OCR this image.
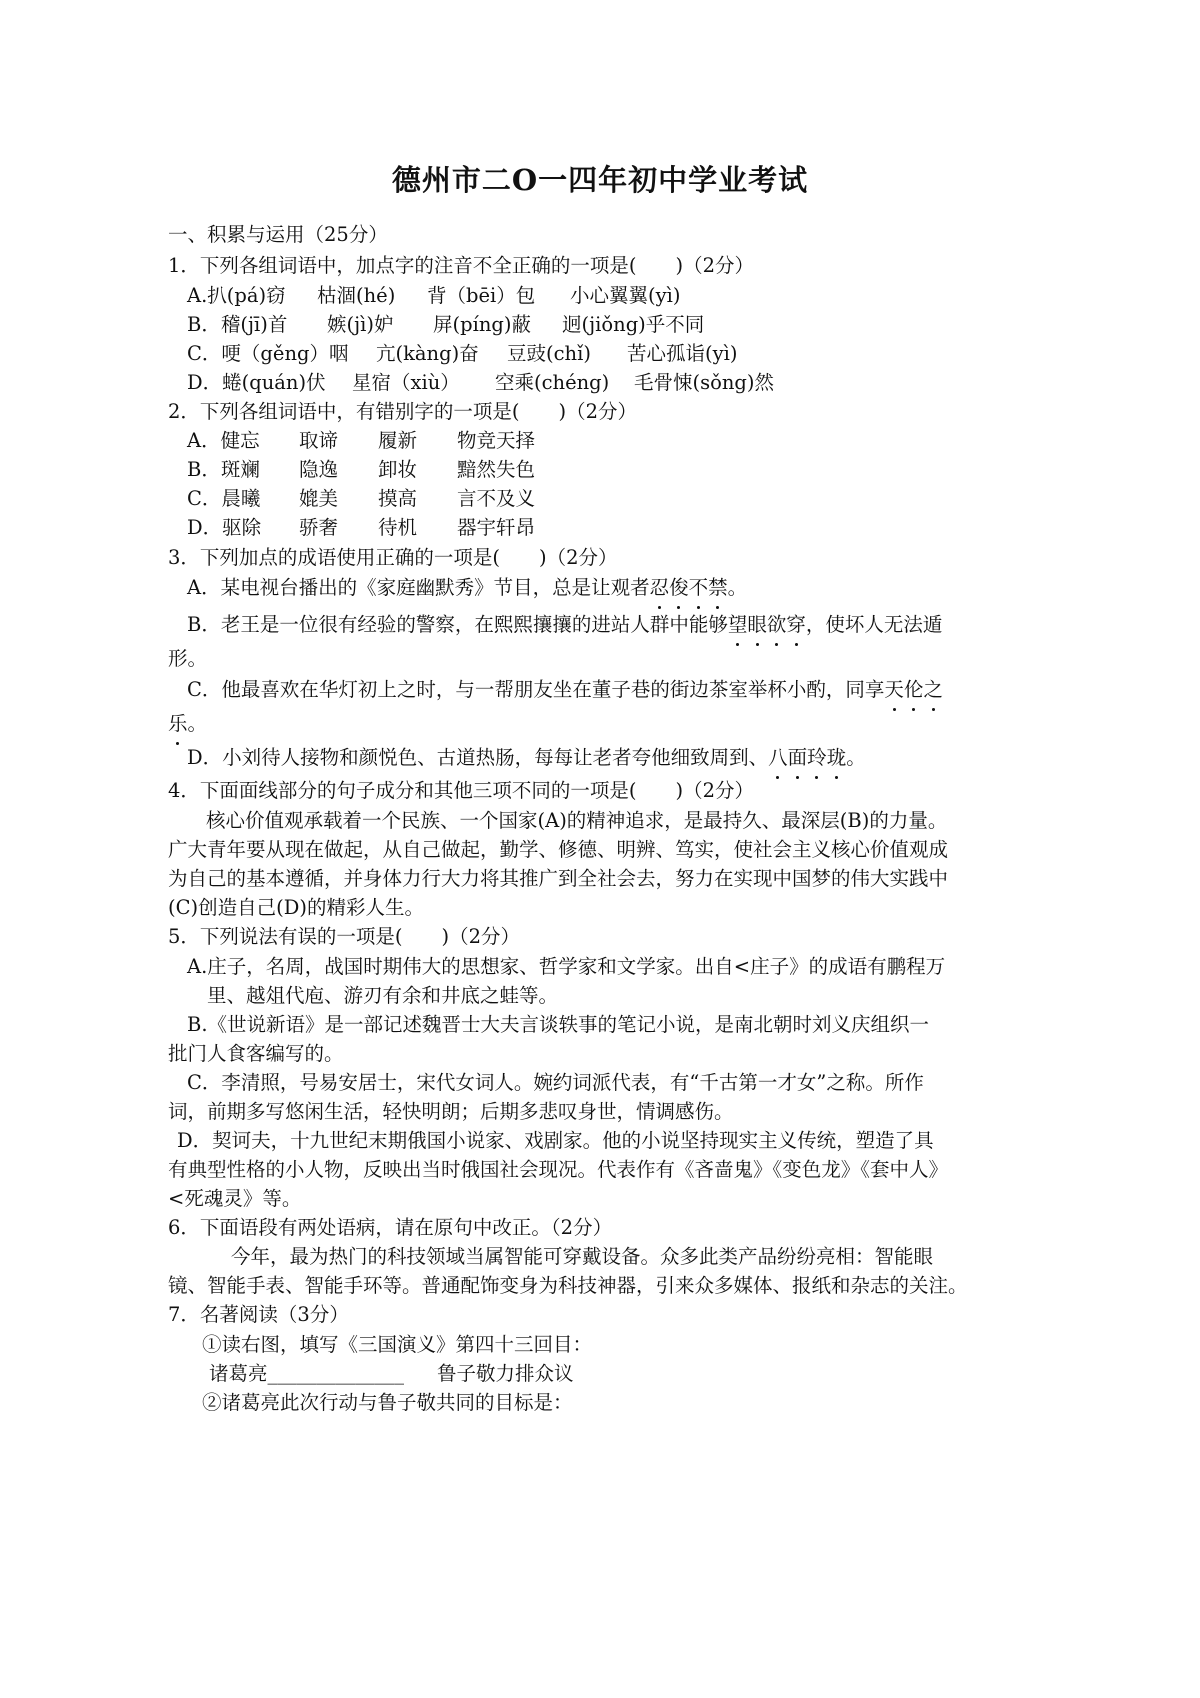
德州市二O一四年初中学业考试
一、积累与运用（25分）
1．下列各组词语中，加点字的注音不全正确的一项是(　　)（2分）
A.扒(pá)窃 枯涸(hé) 背（bēi）包 小心翼翼(yì)
B．稽(jī)首 嫉(jì)妒 屏(píng)蔽 迥(jiǒng)乎不同
C．哽（gěng）咽 亢(kàng)奋 豆豉(chǐ) 苦心孤诣(yì)
D．蜷(quán)伏 星宿（xiù） 空乘(chéng) 毛骨悚(sǒng)然
2．下列各组词语中，有错别字的一项是(　　)（2分）
A．健忘 取谛 履新 物竞天择
B．斑斓 隐逸 卸妆 黯然失色
C．晨曦 媲美 摸高 言不及义
D．驱除 骄奢 待机 器宇轩昂
3．下列加点的成语使用正确的一项是(　　)（2分）
A．某电视台播出的《家庭幽默秀》节目，总是让观者忍俊不禁。
B．老王是一位很有经验的警察，在熙熙攘攘的进站人群中能够望眼欲穿，使坏人无法遁
形。
C．他最喜欢在华灯初上之时，与一帮朋友坐在董子巷的街边茶室举杯小酌，同享天伦之
乐。
D．小刘待人接物和颜悦色、古道热肠，每每让老者夸他细致周到、八面玲珑。
4．下面面线部分的句子成分和其他三项不同的一项是(　　)（2分）
核心价值观承载着一个民族、一个国家(A)的精神追求，是最持久、最深层(B)的力量。
广大青年要从现在做起，从自己做起，勤学、修德、明辨、笃实，使社会主义核心价值观成
为自己的基本遵循，并身体力行大力将其推广到全社会去，努力在实现中国梦的伟大实践中
(C)创造自己(D)的精彩人生。
5．下列说法有误的一项是(　　)（2分）
A.庄子，名周，战国时期伟大的思想家、哲学家和文学家。出自<庄子》的成语有鹏程万
里、越俎代庖、游刃有余和井底之蛙等。
B.《世说新语》是一部记述魏晋士大夫言谈轶事的笔记小说，是南北朝时刘义庆组织一
批门人食客编写的。
C．李清照，号易安居士，宋代女词人。婉约词派代表，有“千古第一才女”之称。所作
词，前期多写悠闲生活，轻快明朗；后期多悲叹身世，情调感伤。
D．契诃夫，十九世纪末期俄国小说家、戏剧家。他的小说坚持现实主义传统，塑造了具
有典型性格的小人物，反映出当时俄国社会现况。代表作有《吝啬鬼》《变色龙》《套中人》
<死魂灵》等。
6．下面语段有两处语病，请在原句中改正。（2分）
今年，最为热门的科技领域当属智能可穿戴设备。众多此类产品纷纷亮相：智能眼
镜、智能手表、智能手环等。普通配饰变身为科技神器，引来众多媒体、报纸和杂志的关注。
7．名著阅读（3分）
①读右图，填写《三国演义》第四十三回目：
诸葛亮______________ 鲁子敬力排众议
②诸葛亮此次行动与鲁子敬共同的目标是：
